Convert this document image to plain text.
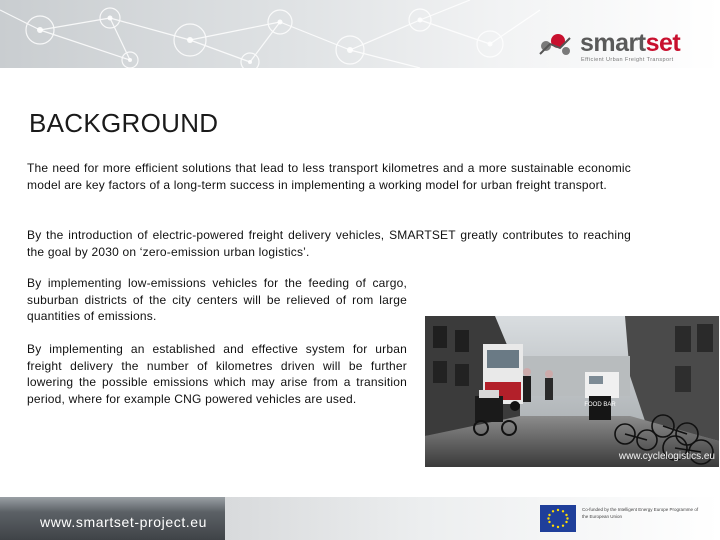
smartset
Efficient Urban Freight Transport
BACKGROUND

The need for more efficient solutions that lead to less transport kilometres and a more sustainable economic model are key factors of a long-term success in implementing a working model for urban freight transport.

By the introduction of electric-powered freight delivery vehicles, SMARTSET greatly contributes to reaching the goal by 2030 on ‘zero-emission urban logistics’.

By implementing low-emissions vehicles for the feeding of cargo, suburban districts of the city centers will be relieved of rom large quantities of emissions.

By implementing an established and effective system for urban freight delivery the number of kilometres driven will be further lowering the possible emissions which may arise from a transition period, where for example CNG powered vehicles are used.	FOOD BAR
www.cyclelogistics.eu
www.smartset-project.eu
Co-funded by the Intelligent Energy Europe Programme of the European Union
